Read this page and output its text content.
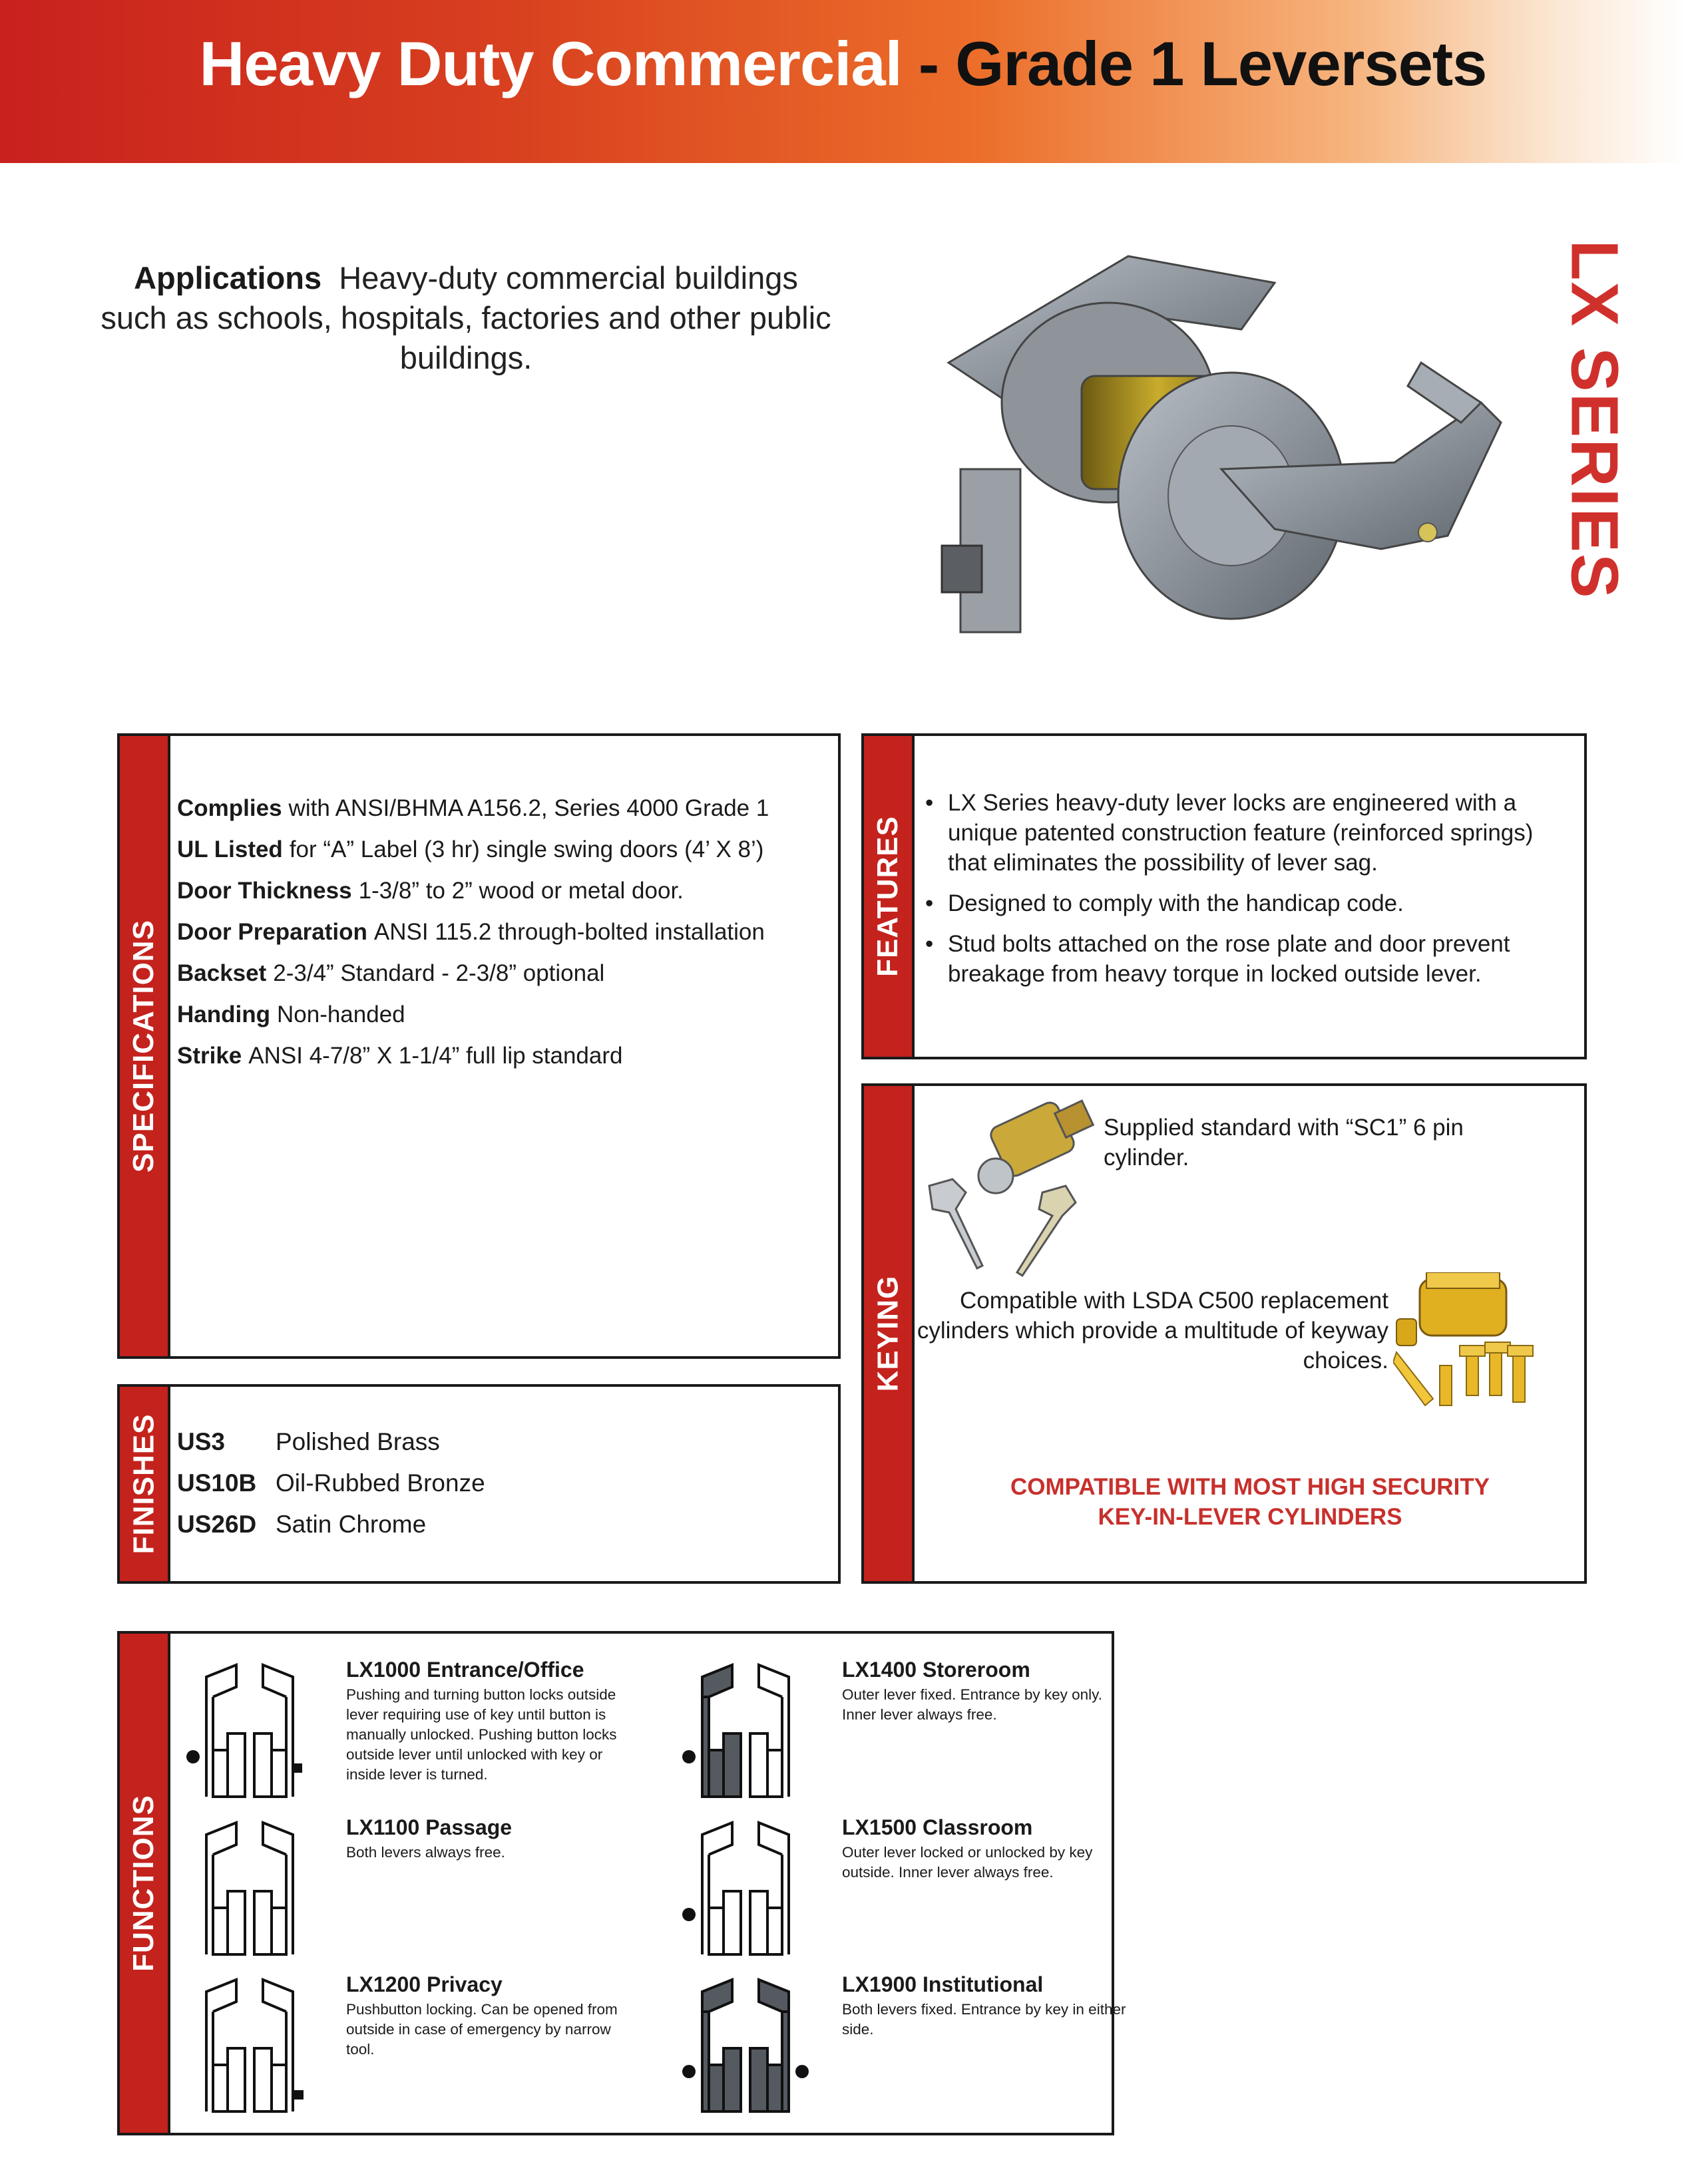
Heavy Duty Commercial - Grade 1 Leversets
Applications Heavy-duty commercial buildings such as schools, hospitals, factories and other public buildings.	LX SERIES
SPECIFICATIONS
Complies with ANSI/BHMA A156.2, Series 4000 Grade 1
UL Listed for “A” Label (3 hr) single swing doors (4’ X 8’)
Door Thickness 1-3/8” to 2” wood or metal door.
Door Preparation ANSI 115.2 through-bolted installation
Backset 2-3/4” Standard - 2-3/8” optional
Handing Non-handed
Strike ANSI 4-7/8” X 1-1/4” full lip standard
FEATURES
• LX Series heavy-duty lever locks are engineered with a unique patented construction feature (reinforced springs) that eliminates the possibility of lever sag.
• Designed to comply with the handicap code.
• Stud bolts attached on the rose plate and door prevent breakage from heavy torque in locked outside lever.
FINISHES US3 Polished Brass
US10B Oil-Rubbed Bronze
US26D Satin Chrome
KEYING
Supplied standard with “SC1” 6 pin cylinder.
Compatible with LSDA C500 replacement cylinders which provide a multitude of keyway choices.
COMPATIBLE WITH MOST HIGH SECURITY
KEY-IN-LEVER CYLINDERS
FUNCTIONS
LX1000 Entrance/Office
Pushing and turning button locks outside lever requiring use of key until button is manually unlocked. Pushing button locks outside lever until unlocked with key or inside lever is turned.
LX1100 Passage
Both levers always free.
LX1200 Privacy
Pushbutton locking. Can be opened from outside in case of emergency by narrow tool.
LX1400 Storeroom
Outer lever fixed. Entrance by key only. Inner lever always free.
LX1500 Classroom
Outer lever locked or unlocked by key outside. Inner lever always free.
LX1900 Institutional
Both levers fixed. Entrance by key in either side.
